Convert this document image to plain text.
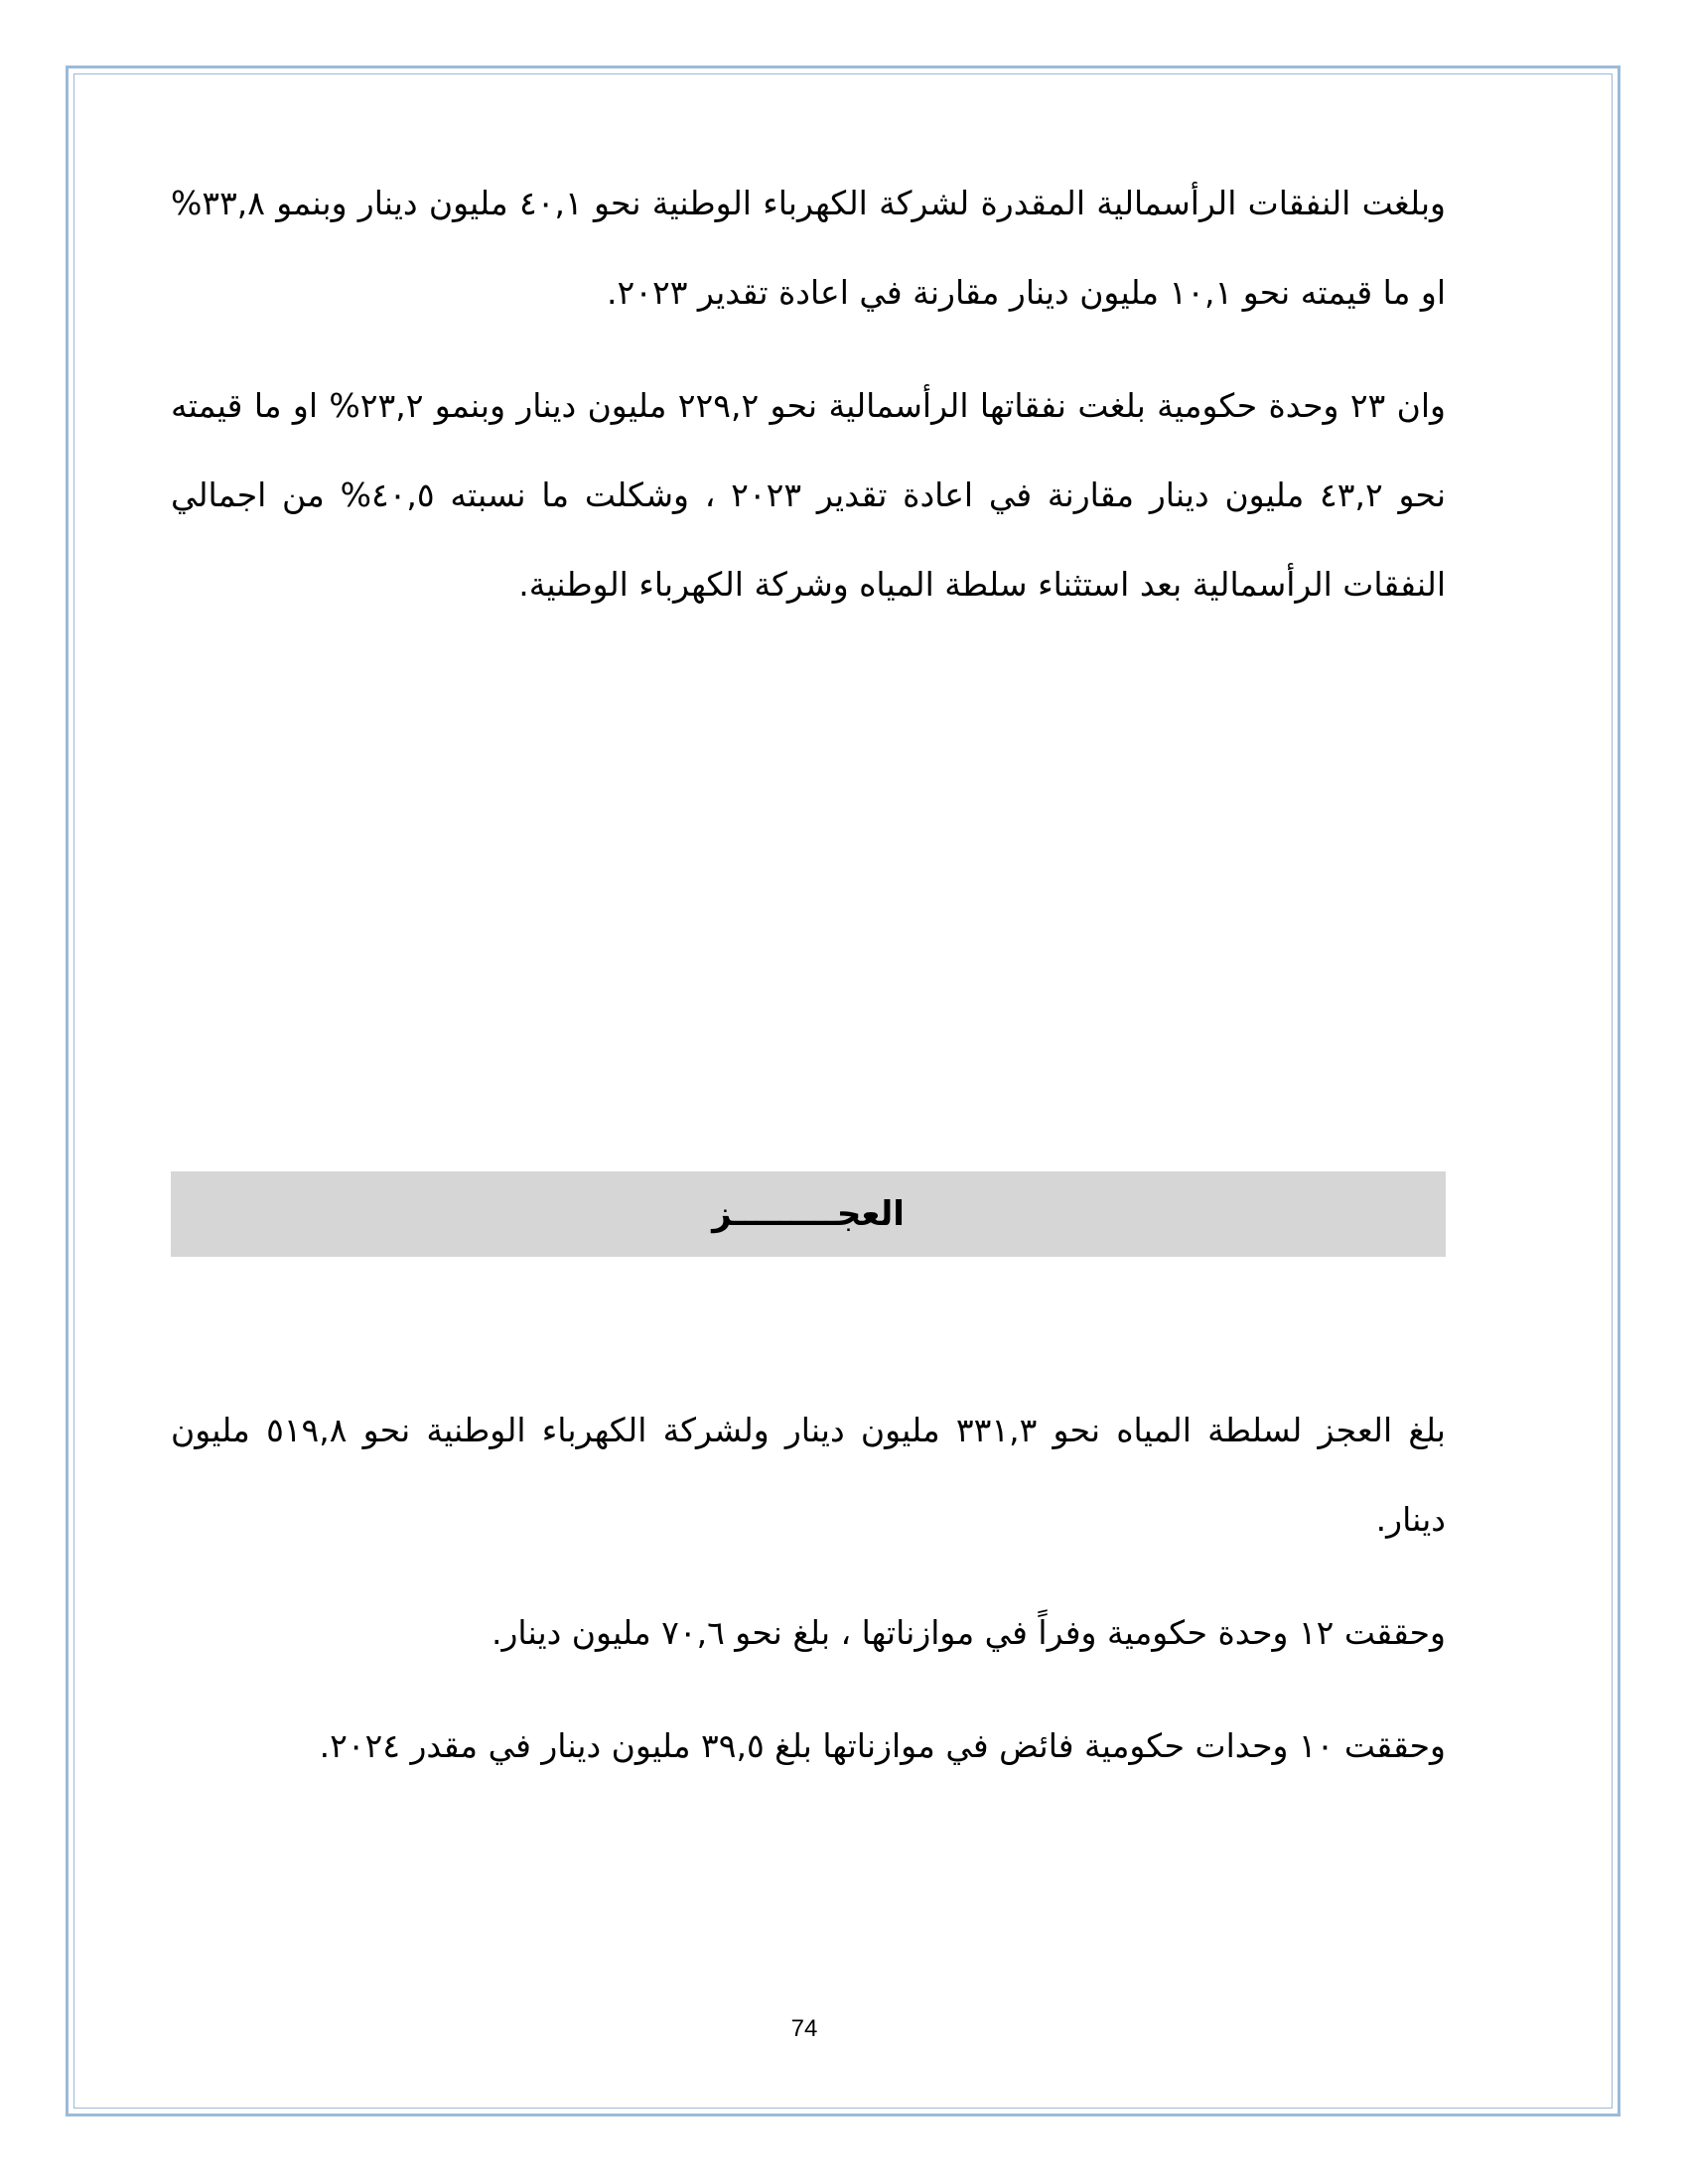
وبلغت النفقات الرأسمالية المقدرة لشركة الكهرباء الوطنية نحو ٤٠,١ مليون دينار وبنمو ٣٣,٨% او ما قيمته نحو ١٠,١ مليون دينار مقارنة في اعادة تقدير ٢٠٢٣.

وان ٢٣ وحدة حكومية بلغت نفقاتها الرأسمالية نحو ٢٢٩,٢ مليون دينار وبنمو ٢٣,٢% او ما قيمته نحو ٤٣,٢ مليون دينار مقارنة في اعادة تقدير ٢٠٢٣ ، وشكلت ما نسبته ٤٠,٥% من اجمالي النفقات الرأسمالية بعد استثناء سلطة المياه وشركة الكهرباء الوطنية.

العجـــــــــز

بلغ العجز لسلطة المياه نحو ٣٣١,٣ مليون دينار ولشركة الكهرباء الوطنية نحو ٥١٩,٨ مليون دينار.

وحققت ١٢ وحدة حكومية وفراً في موازناتها ، بلغ نحو ٧٠,٦ مليون دينار.

وحققت ١٠ وحدات حكومية فائض في موازناتها بلغ ٣٩,٥ مليون دينار في مقدر ٢٠٢٤.

74
